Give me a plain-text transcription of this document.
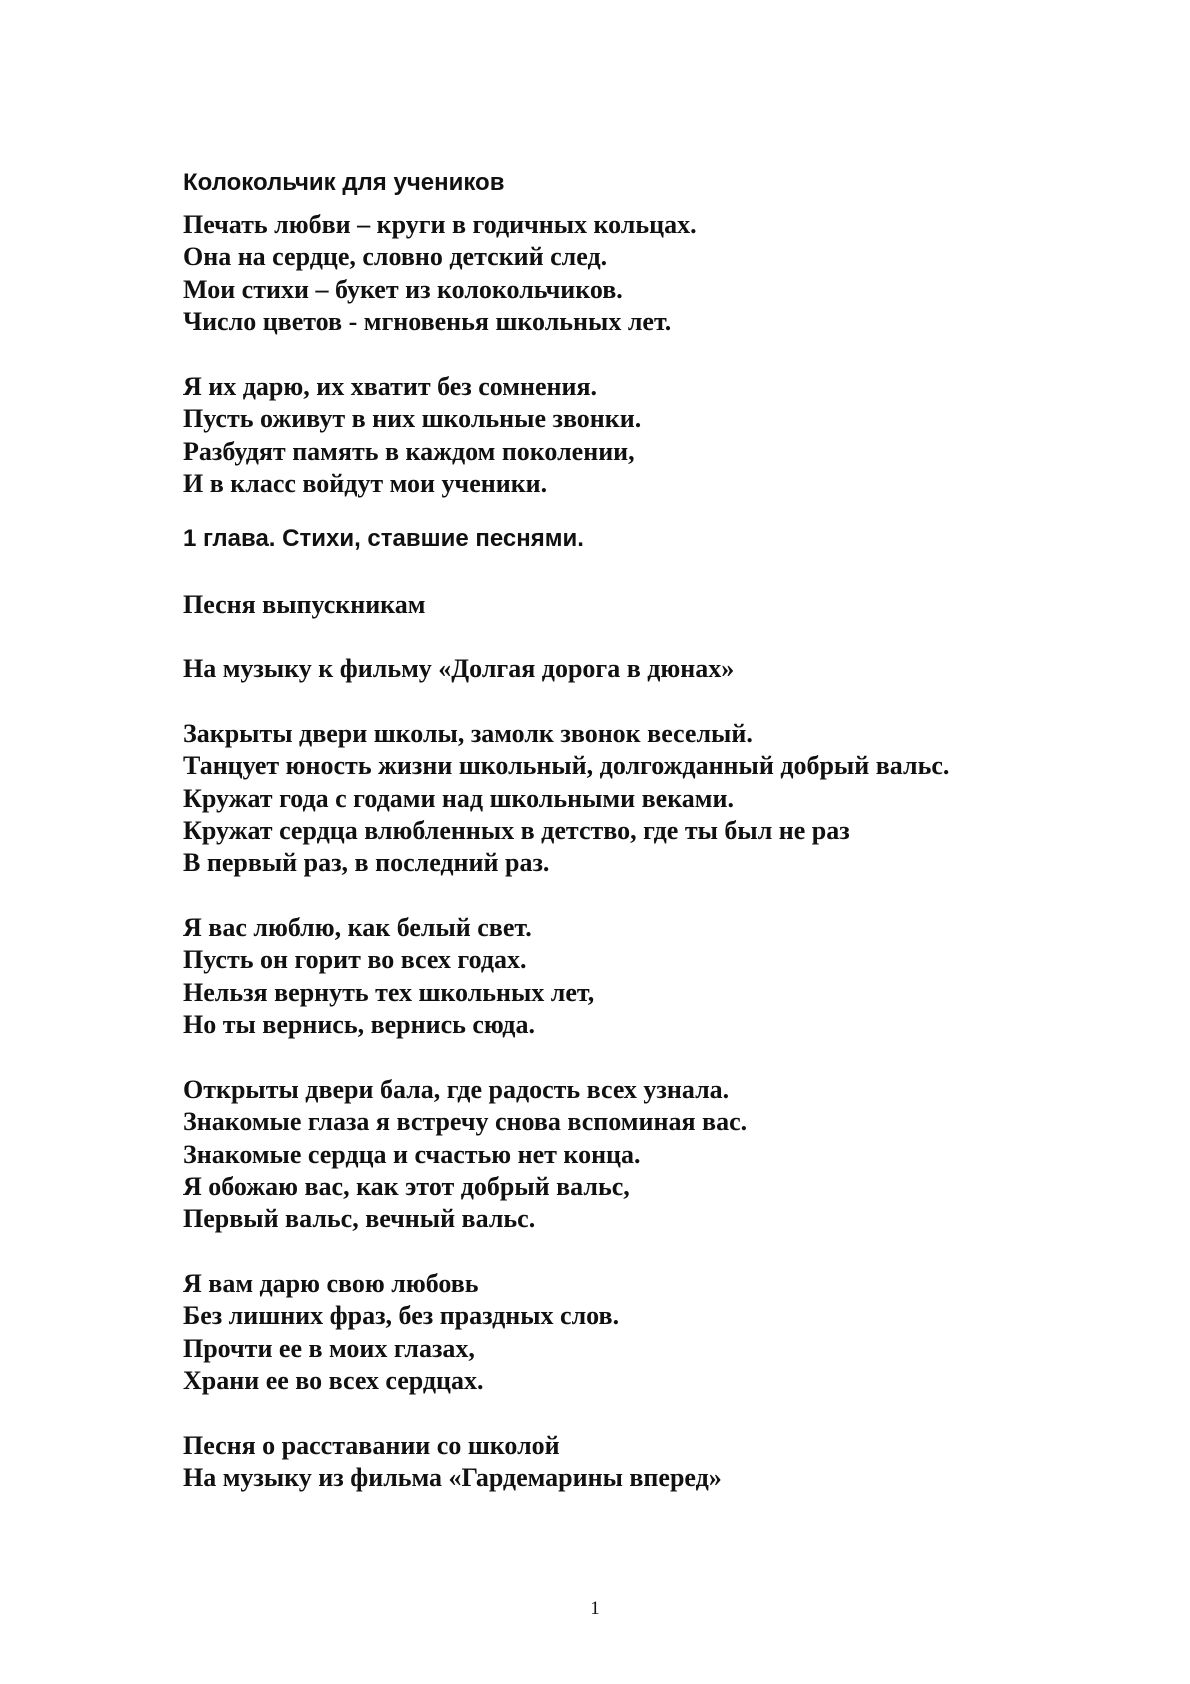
Колокольчик для учеников
Печать любви – круги в годичных кольцах.
Она на сердце, словно детский след.
Мои стихи – букет из колокольчиков.
Число цветов - мгновенья школьных лет.
Я их дарю, их хватит без сомнения.
Пусть оживут в них школьные звонки.
Разбудят память в каждом поколении,
И в класс войдут мои ученики.
1 глава. Стихи, ставшие песнями.
Песня выпускникам
На музыку к фильму «Долгая дорога в дюнах»
Закрыты двери школы, замолк звонок веселый.
Танцует юность жизни школьный, долгожданный добрый вальс.
Кружат года с годами над школьными веками.
Кружат сердца влюбленных в детство, где ты был не раз
В первый раз, в последний раз.
Я вас люблю, как белый свет.
Пусть он горит во всех годах.
Нельзя вернуть тех школьных лет,
Но ты вернись, вернись сюда.
Открыты двери бала, где радость всех узнала.
Знакомые глаза я встречу снова вспоминая вас.
Знакомые сердца и счастью нет конца.
Я обожаю вас, как этот добрый вальс,
Первый вальс, вечный вальс.
Я вам дарю свою любовь
Без лишних фраз, без праздных слов.
Прочти ее в моих глазах,
Храни ее во всех сердцах.
Песня о расставании со школой
На музыку из фильма «Гардемарины вперед»
1
